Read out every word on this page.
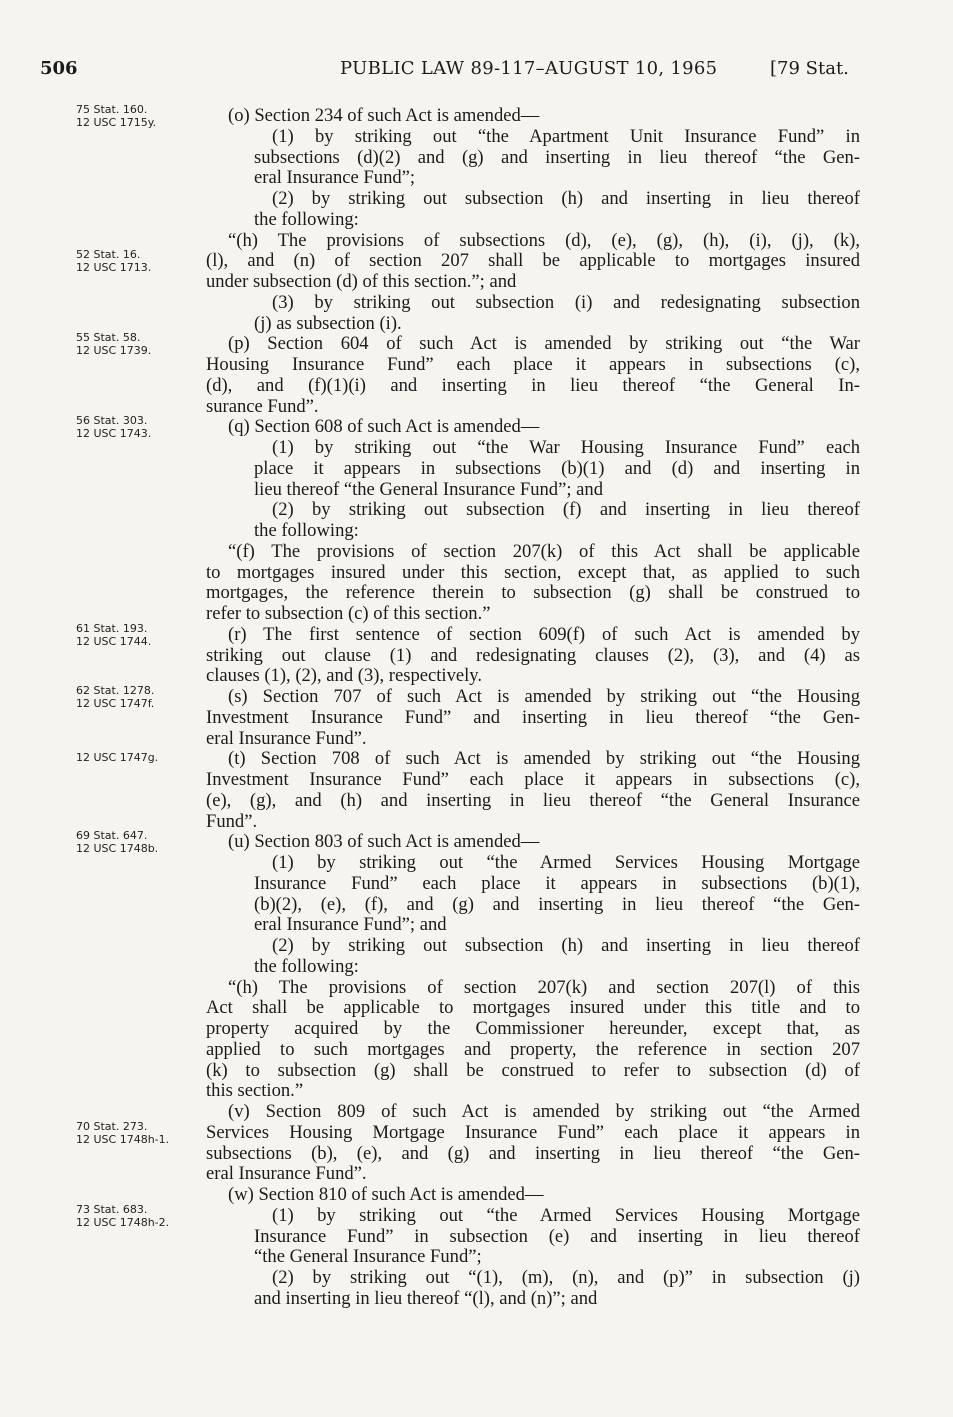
506	PUBLIC LAW 89-117–AUGUST 10, 1965	[79 Stat.
75 Stat. 160.
12 USC 1715y.
52 Stat. 16.
12 USC 1713.
55 Stat. 58.
12 USC 1739.
56 Stat. 303.
12 USC 1743.
61 Stat. 193.
12 USC 1744.
62 Stat. 1278.
12 USC 1747f.
12 USC 1747g.
69 Stat. 647.
12 USC 1748b.
70 Stat. 273.
12 USC 1748h-1.
73 Stat. 683.
12 USC 1748h-2.
(o) Section 234 of such Act is amended—
(1) by striking out “the Apartment Unit Insurance Fund” in
subsections (d)(2) and (g) and inserting in lieu thereof “the Gen-
eral Insurance Fund”;
(2) by striking out subsection (h) and inserting in lieu thereof
the following:
“(h) The provisions of subsections (d), (e), (g), (h), (i), (j), (k),
(l), and (n) of section 207 shall be applicable to mortgages insured
under subsection (d) of this section.”; and
(3) by striking out subsection (i) and redesignating subsection
(j) as subsection (i).
(p) Section 604 of such Act is amended by striking out “the War
Housing Insurance Fund” each place it appears in subsections (c),
(d), and (f)(1)(i) and inserting in lieu thereof “the General In-
surance Fund”.
(q) Section 608 of such Act is amended—
(1) by striking out “the War Housing Insurance Fund” each
place it appears in subsections (b)(1) and (d) and inserting in
lieu thereof “the General Insurance Fund”; and
(2) by striking out subsection (f) and inserting in lieu thereof
the following:
“(f) The provisions of section 207(k) of this Act shall be applicable
to mortgages insured under this section, except that, as applied to such
mortgages, the reference therein to subsection (g) shall be construed to
refer to subsection (c) of this section.”
(r) The first sentence of section 609(f) of such Act is amended by
striking out clause (1) and redesignating clauses (2), (3), and (4) as
clauses (1), (2), and (3), respectively.
(s) Section 707 of such Act is amended by striking out “the Housing
Investment Insurance Fund” and inserting in lieu thereof “the Gen-
eral Insurance Fund”.
(t) Section 708 of such Act is amended by striking out “the Housing
Investment Insurance Fund” each place it appears in subsections (c),
(e), (g), and (h) and inserting in lieu thereof “the General Insurance
Fund”.
(u) Section 803 of such Act is amended—
(1) by striking out “the Armed Services Housing Mortgage
Insurance Fund” each place it appears in subsections (b)(1),
(b)(2), (e), (f), and (g) and inserting in lieu thereof “the Gen-
eral Insurance Fund”; and
(2) by striking out subsection (h) and inserting in lieu thereof
the following:
“(h) The provisions of section 207(k) and section 207(l) of this
Act shall be applicable to mortgages insured under this title and to
property acquired by the Commissioner hereunder, except that, as
applied to such mortgages and property, the reference in section 207
(k) to subsection (g) shall be construed to refer to subsection (d) of
this section.”
(v) Section 809 of such Act is amended by striking out “the Armed
Services Housing Mortgage Insurance Fund” each place it appears in
subsections (b), (e), and (g) and inserting in lieu thereof “the Gen-
eral Insurance Fund”.
(w) Section 810 of such Act is amended—
(1) by striking out “the Armed Services Housing Mortgage
Insurance Fund” in subsection (e) and inserting in lieu thereof
“the General Insurance Fund”;
(2) by striking out “(1), (m), (n), and (p)” in subsection (j)
and inserting in lieu thereof “(l), and (n)”; and
